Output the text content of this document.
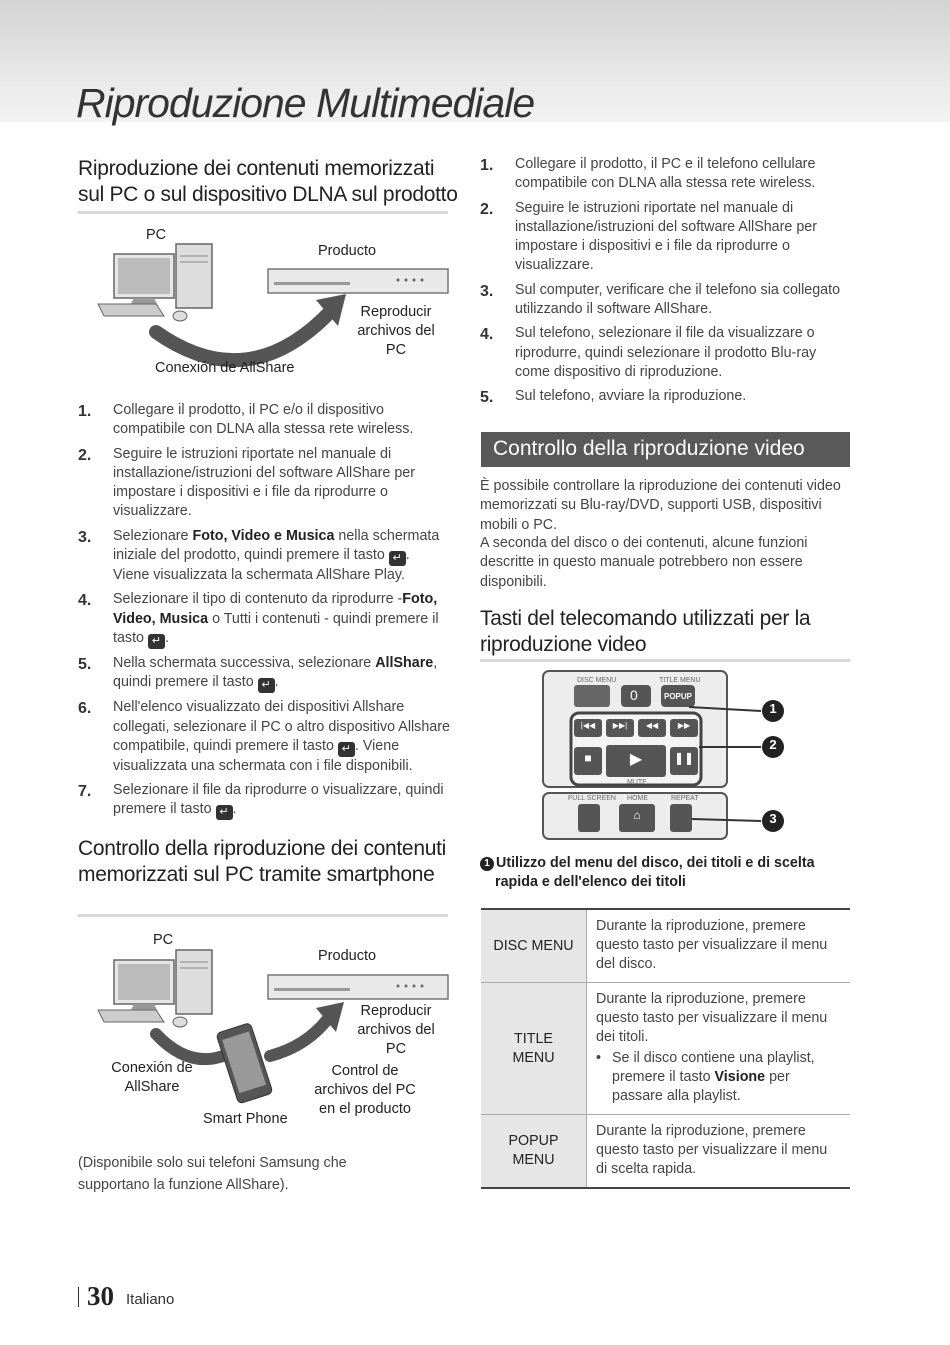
Riproduzione Multimediale
Riproduzione dei contenuti memorizzati sul PC o sul dispositivo DLNA sul prodotto
PC
Producto
Reproducir archivos del PC
Conexión de AllShare
1. Collegare il prodotto, il PC e/o il dispositivo compatibile con DLNA alla stessa rete wireless.
2. Seguire le istruzioni riportate nel manuale di installazione/istruzioni del software AllShare per impostare i dispositivi e i file da riprodurre o visualizzare.
3. Selezionare Foto, Video e Musica nella schermata iniziale del prodotto, quindi premere il tasto ↵ . Viene visualizzata la schermata AllShare Play.
4. Selezionare il tipo di contenuto da riprodurre -Foto, Video, Musica o Tutti i contenuti - quindi premere il tasto ↵ .
5. Nella schermata successiva, selezionare AllShare, quindi premere il tasto ↵ .
6. Nell'elenco visualizzato dei dispositivi Allshare collegati, selezionare il PC o altro dispositivo Allshare compatibile, quindi premere il tasto ↵ . Viene visualizzata una schermata con i file disponibili.
7. Selezionare il file da riprodurre o visualizzare, quindi premere il tasto ↵ .
Controllo della riproduzione dei contenuti memorizzati sul PC tramite smartphone
PC
Producto
Reproducir archivos del PC
Conexión de AllShare
Control de archivos del PC en el producto
Smart Phone
(Disponibile solo sui telefoni Samsung che supportano la funzione AllShare).
1. Collegare il prodotto, il PC e il telefono cellulare compatibile con DLNA alla stessa rete wireless.
2. Seguire le istruzioni riportate nel manuale di installazione/istruzioni del software AllShare per impostare i dispositivi e i file da riprodurre o visualizzare.
3. Sul computer, verificare che il telefono sia collegato utilizzando il software AllShare.
4. Sul telefono, selezionare il file da visualizzare o riprodurre, quindi selezionare il prodotto Blu-ray come dispositivo di riproduzione.
5. Sul telefono, avviare la riproduzione.
Controllo della riproduzione video
È possibile controllare la riproduzione dei contenuti video memorizzati su Blu-ray/DVD, supporti USB, dispositivi mobili o PC.
A seconda del disco o dei contenuti, alcune funzioni descritte in questo manuale potrebbero non essere disponibili.
Tasti del telecomando utilizzati per la riproduzione video
DISC MENU	TITLE MENU
0	POPUP
|◀◀	▶▶|	◀◀	▶▶
■	▶	❚❚
MUTE
FULL SCREEN HOME	REPEAT
⌂
1
2
3
1 Utilizzo del menu del disco, dei titoli e di scelta rapida e dell'elenco dei titoli
DISC MENU	Durante la riproduzione, premere questo tasto per visualizzare il menu del disco.
TITLE MENU	Durante la riproduzione, premere questo tasto per visualizzare il menu dei titoli.
• Se il disco contiene una playlist, premere il tasto Visione per passare alla playlist.

POPUP MENU	Durante la riproduzione, premere questo tasto per visualizzare il menu di scelta rapida.
30 Italiano
